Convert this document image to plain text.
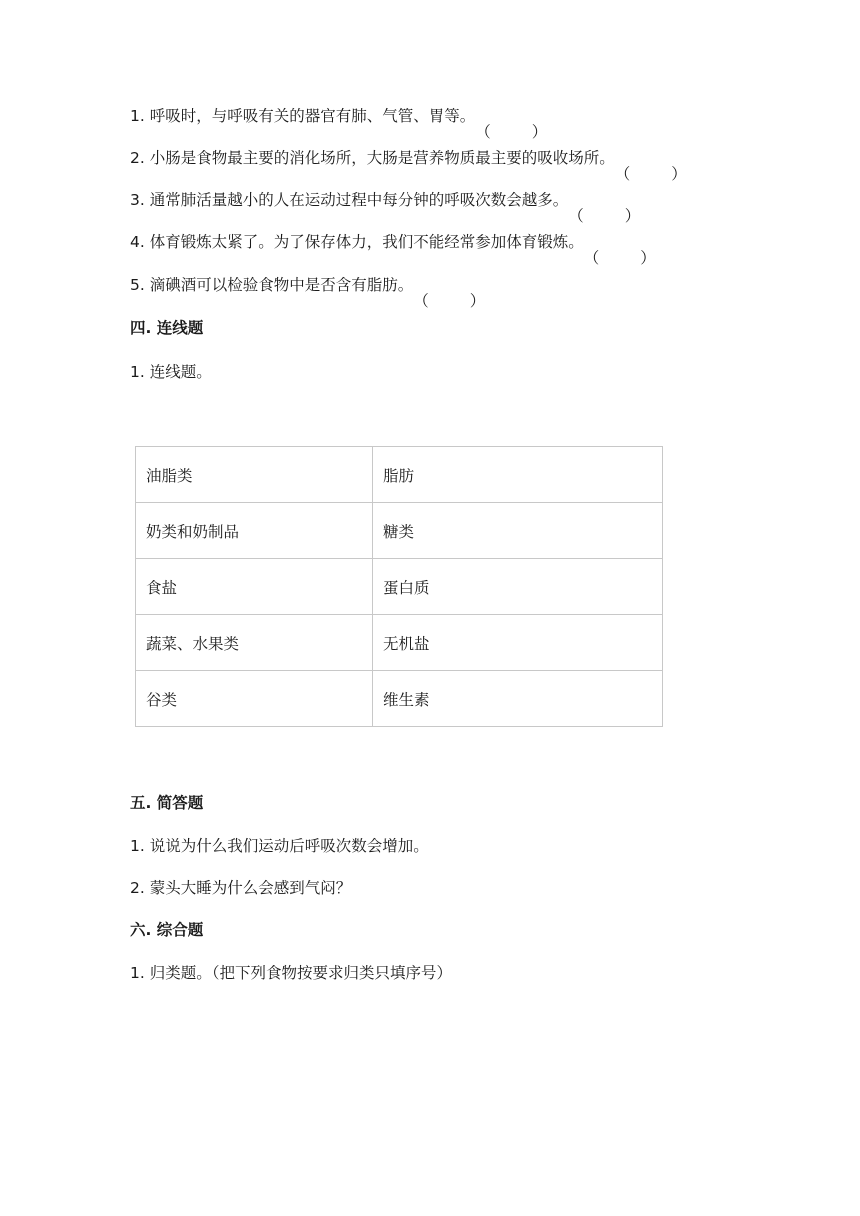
1. 呼吸时，与呼吸有关的器官有肺、气管、胃等。
（	）
2. 小肠是食物最主要的消化场所，大肠是营养物质最主要的吸收场所。
（	）
3. 通常肺活量越小的人在运动过程中每分钟的呼吸次数会越多。
（	）
4. 体育锻炼太紧了。为了保存体力，我们不能经常参加体育锻炼。
（	）
5. 滴碘酒可以检验食物中是否含有脂肪。
（	）
四. 连线题
1. 连线题。
油脂类	脂肪
奶类和奶制品	糖类
食盐	蛋白质
蔬菜、水果类	无机盐
谷类	维生素
五. 简答题
1. 说说为什么我们运动后呼吸次数会增加。
2. 蒙头大睡为什么会感到气闷？
六. 综合题
1. 归类题。（把下列食物按要求归类只填序号）
